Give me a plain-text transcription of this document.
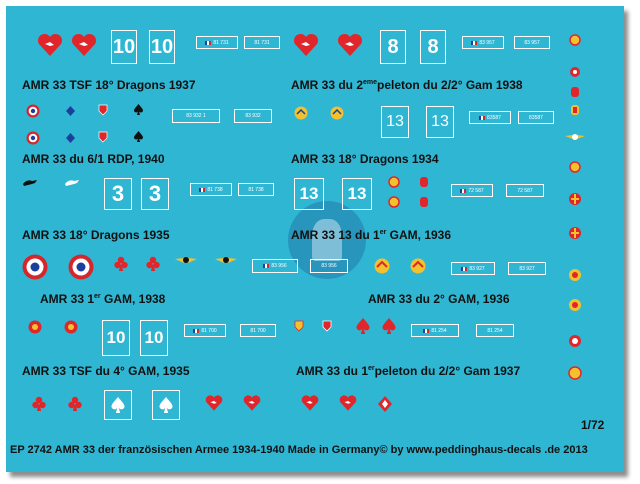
10 10	81 731	81 731	8	8	83 957	83 957
AMR 33 TSF 18° Dragons 1937	AMR 33 du 2emepeleton du 2/2° Gam 1938
83 932 1	83 932	13	13	83587	83587
AMR 33 du 6/1 RDP, 1940	AMR 33 18° Dragons 1934
3	3	81 738	81 738	13	13	72 587	72 587
AMR 33 18° Dragons 1935	AMR 33 13 du 1er GAM, 1936
83 956	83 956	83 927	83 927
AMR 33 1er GAM, 1938	AMR 33 du 2° GAM, 1936
10 10	81 700	81 700	81 254	81 254
AMR 33 TSF du 4° GAM, 1935	AMR 33 du 1erpeleton du 2/2° Gam 1937
1/72
EP 2742 AMR 33 der französischen Armee 1934-1940 Made in Germany© by www.peddinghaus-decals .de 2013
